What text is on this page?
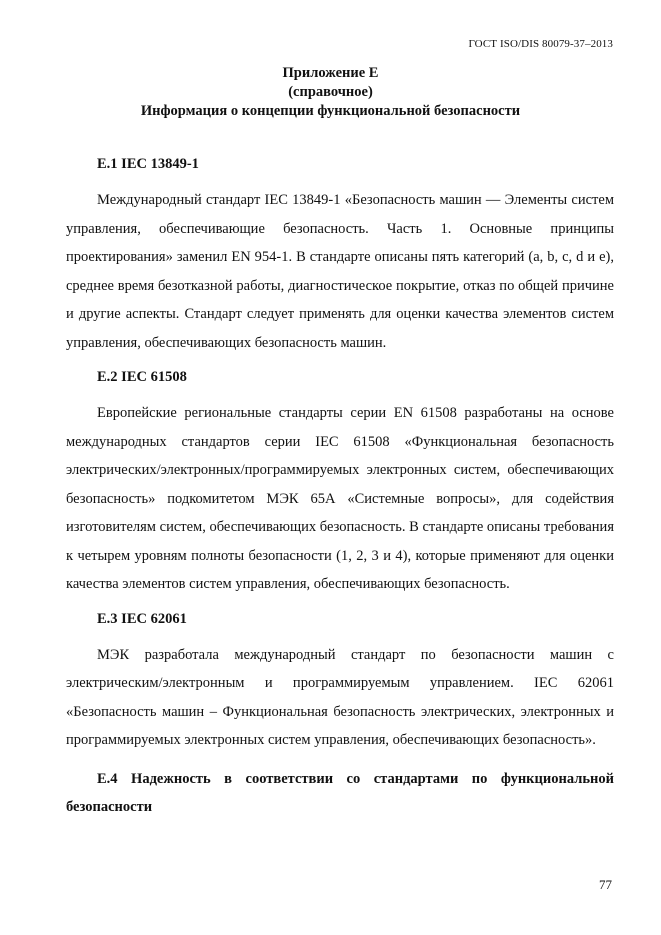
ГОСТ ISO/DIS 80079-37–2013
Приложение Е
(справочное)
Информация о концепции функциональной безопасности
Е.1 IEC 13849-1

Международный стандарт IEC 13849-1 «Безопасность машин — Элементы систем управления, обеспечивающие безопасность. Часть 1. Основные принципы проектирования» заменил EN 954-1. В стандарте описаны пять категорий (a, b, c, d и e), среднее время безотказной работы, диагностическое покрытие, отказ по общей причине и другие аспекты. Стандарт следует применять для оценки качества элементов систем управления, обеспечивающих безопасность машин.

Е.2 IEC 61508

Европейские региональные стандарты серии EN 61508 разработаны на основе международных стандартов серии IEC 61508 «Функциональная безопасность электрических/электронных/программируемых электронных систем, обеспечивающих безопасность» подкомитетом МЭК 65А «Системные вопросы», для содействия изготовителям систем, обеспечивающих безопасность. В стандарте описаны требования к четырем уровням полноты безопасности (1, 2, 3 и 4), которые применяют для оценки качества элементов систем управления, обеспечивающих безопасность.

Е.3 IEC 62061

МЭК разработала международный стандарт по безопасности машин с электрическим/электронным и программируемым управлением. IEC 62061 «Безопасность машин – Функциональная безопасность электрических, электронных и программируемых электронных систем управления, обеспечивающих безопасность».

Е.4 Надежность в соответствии со стандартами по функциональной безопасности

77
